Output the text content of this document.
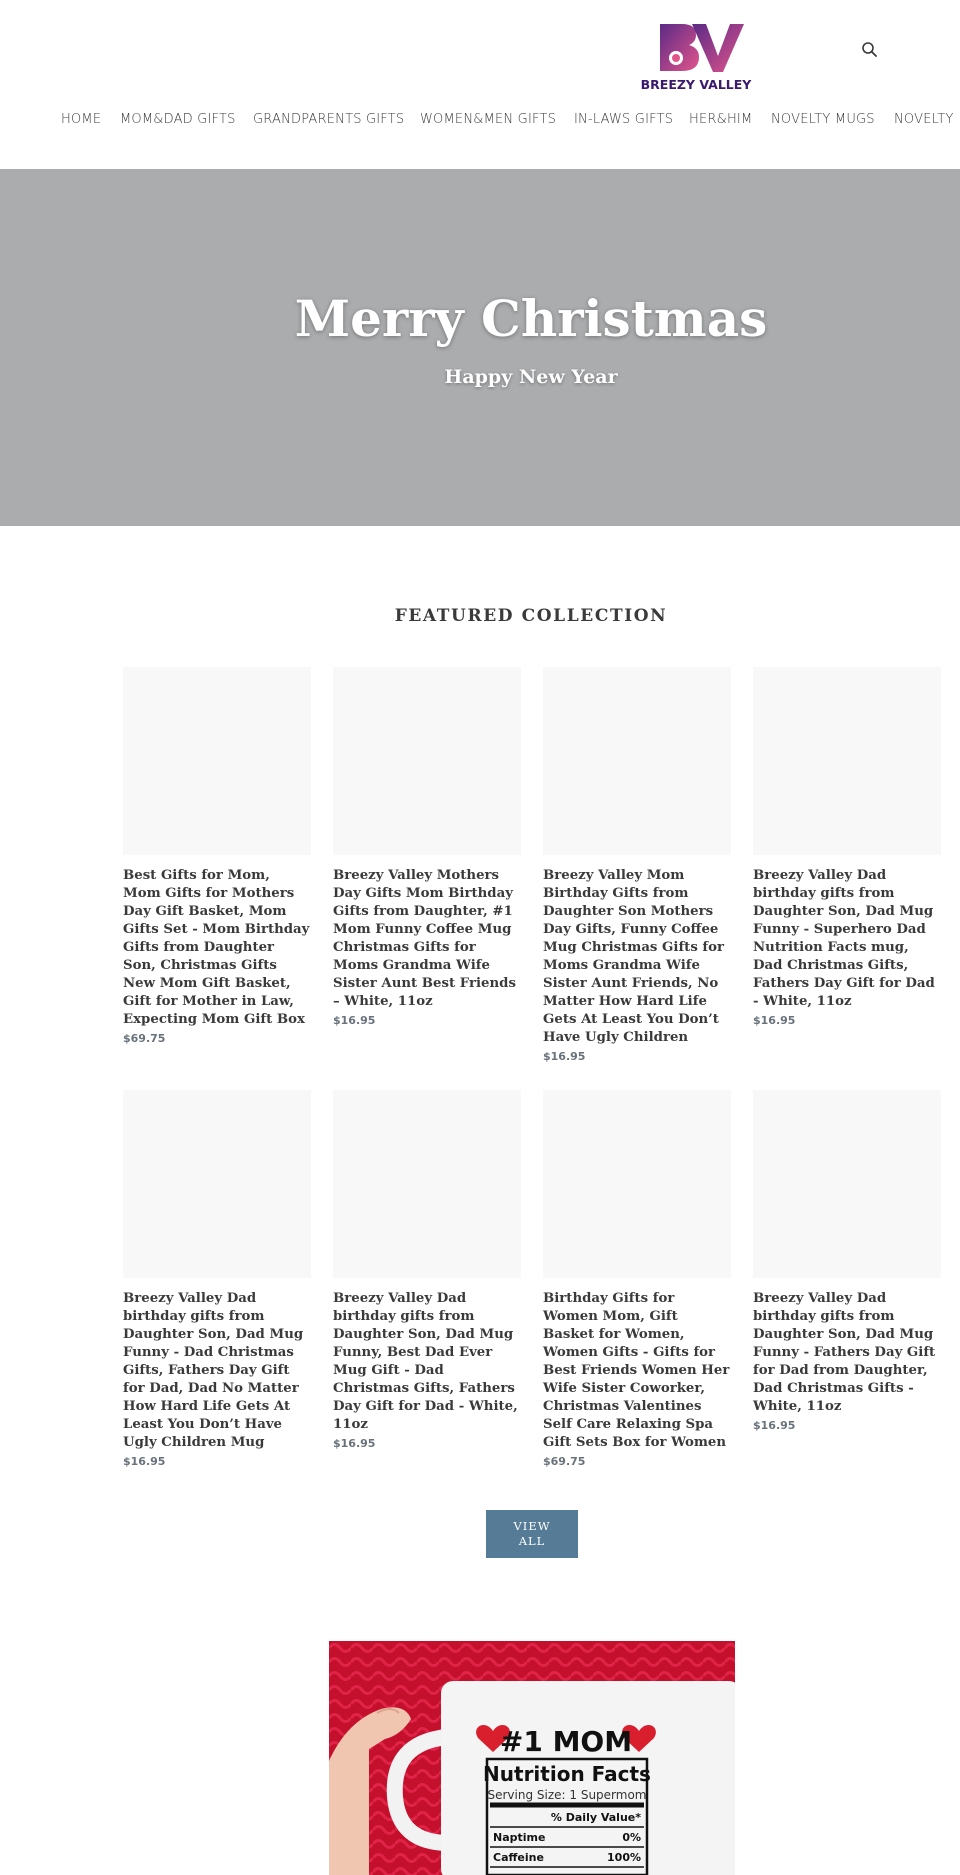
BREEZY VALLEY
HOME MOM&DAD GIFTS GRANDPARENTS GIFTS WOMEN&MEN GIFTS IN-LAWS GIFTS HER&HIM NOVELTY MUGS NOVELTY
Merry Christmas
Happy New Year
FEATURED COLLECTION
Best Gifts for Mom, Mom Gifts for Mothers Day Gift Basket, Mom Gifts Set - Mom Birthday Gifts from Daughter Son, Christmas Gifts New Mom Gift Basket, Gift for Mother in Law, Expecting Mom Gift Box
$69.75
Breezy Valley Mothers Day Gifts Mom Birthday Gifts from Daughter, #1 Mom Funny Coffee Mug Christmas Gifts for Moms Grandma Wife Sister Aunt Best Friends – White, 11oz
$16.95
Breezy Valley Mom Birthday Gifts from Daughter Son Mothers Day Gifts, Funny Coffee Mug Christmas Gifts for Moms Grandma Wife Sister Aunt Friends, No Matter How Hard Life Gets At Least You Don’t Have Ugly Children
$16.95
Breezy Valley Dad birthday gifts from Daughter Son, Dad Mug Funny - Superhero Dad Nutrition Facts mug, Dad Christmas Gifts, Fathers Day Gift for Dad - White, 11oz
$16.95
Breezy Valley Dad birthday gifts from Daughter Son, Dad Mug Funny - Dad Christmas Gifts, Fathers Day Gift for Dad, Dad No Matter How Hard Life Gets At Least You Don’t Have Ugly Children Mug
$16.95
Breezy Valley Dad birthday gifts from Daughter Son, Dad Mug Funny, Best Dad Ever Mug Gift - Dad Christmas Gifts, Fathers Day Gift for Dad - White, 11oz
$16.95
Birthday Gifts for Women Mom, Gift Basket for Women, Women Gifts - Gifts for Best Friends Women Her Wife Sister Coworker, Christmas Valentines Self Care Relaxing Spa Gift Sets Box for Women
$69.75
Breezy Valley Dad birthday gifts from Daughter Son, Dad Mug Funny - Fathers Day Gift for Dad from Daughter, Dad Christmas Gifts - White, 11oz
$16.95
VIEW
ALL
#1 MOM
Nutrition Facts
Serving Size: 1 Supermom
% Daily Value*
Naptime	0%
Caffeine	100%
